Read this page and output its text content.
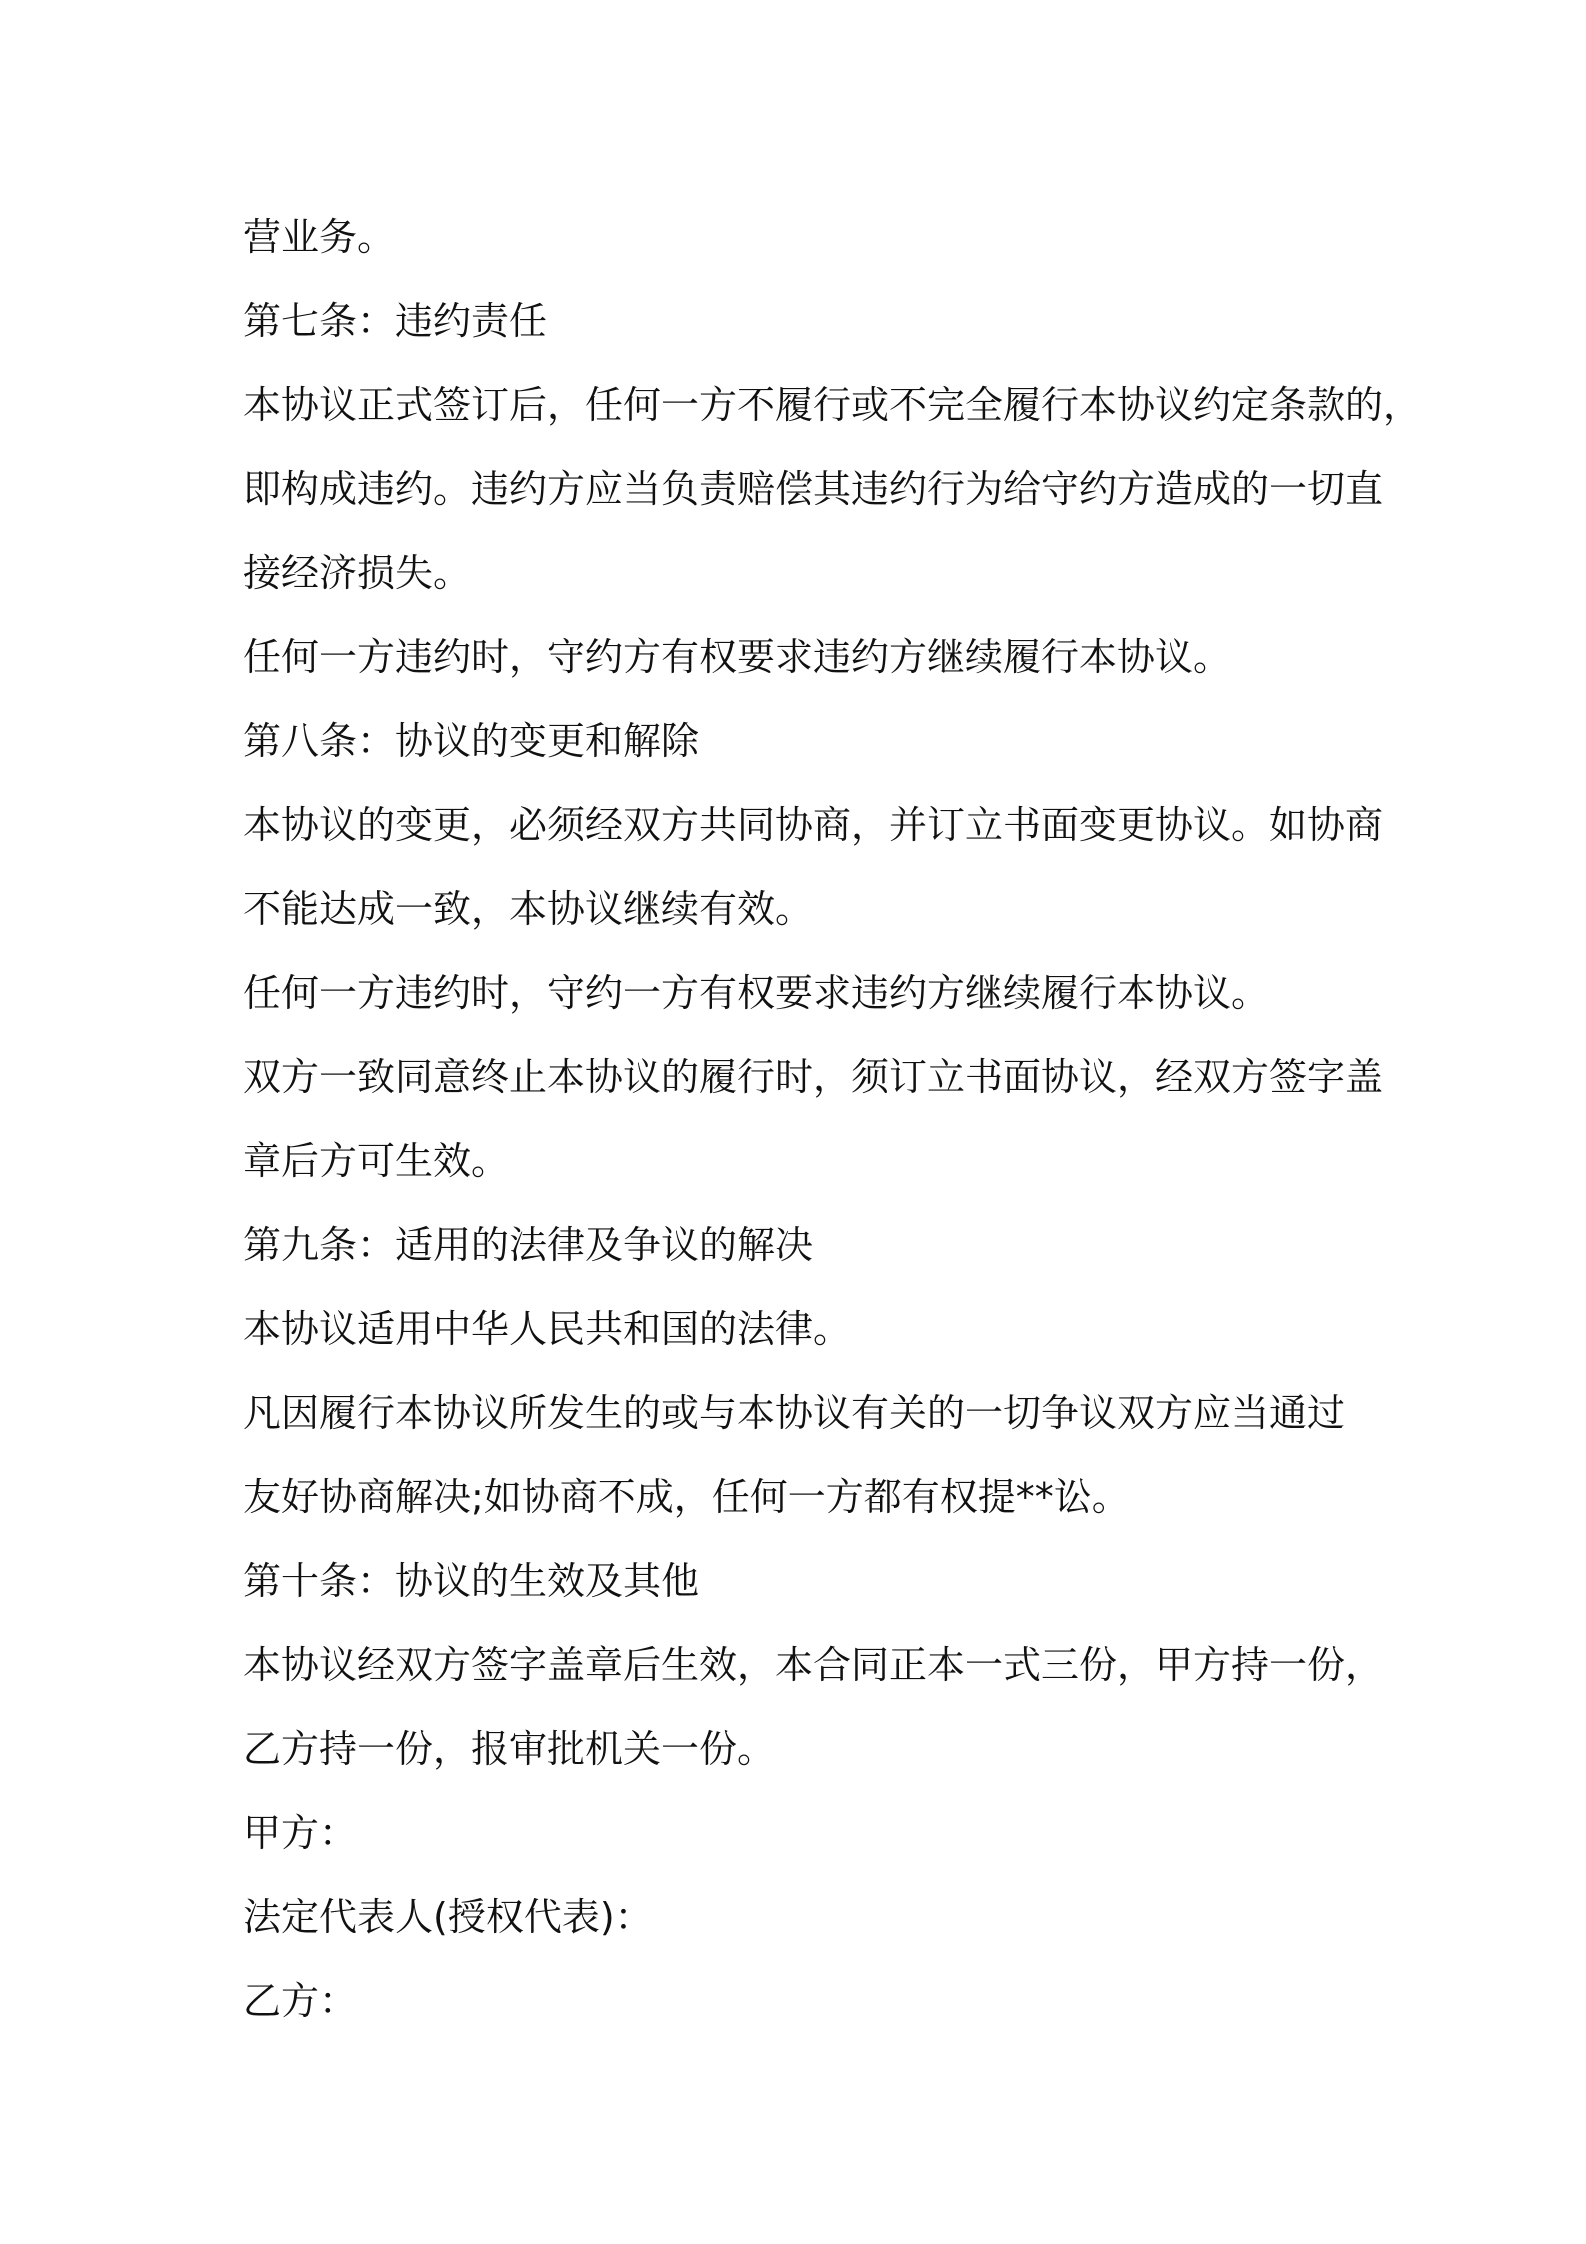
营业务。
第七条：违约责任
本协议正式签订后，任何一方不履行或不完全履行本协议约定条款的，
即构成违约。违约方应当负责赔偿其违约行为给守约方造成的一切直
接经济损失。
任何一方违约时，守约方有权要求违约方继续履行本协议。
第八条：协议的变更和解除
本协议的变更，必须经双方共同协商，并订立书面变更协议。如协商
不能达成一致，本协议继续有效。
任何一方违约时，守约一方有权要求违约方继续履行本协议。
双方一致同意终止本协议的履行时，须订立书面协议，经双方签字盖
章后方可生效。
第九条：适用的法律及争议的解决
本协议适用中华人民共和国的法律。
凡因履行本协议所发生的或与本协议有关的一切争议双方应当通过
友好协商解决;如协商不成，任何一方都有权提**讼。
第十条：协议的生效及其他
本协议经双方签字盖章后生效，本合同正本一式三份，甲方持一份，
乙方持一份，报审批机关一份。
甲方：
法定代表人(授权代表)：
乙方：
